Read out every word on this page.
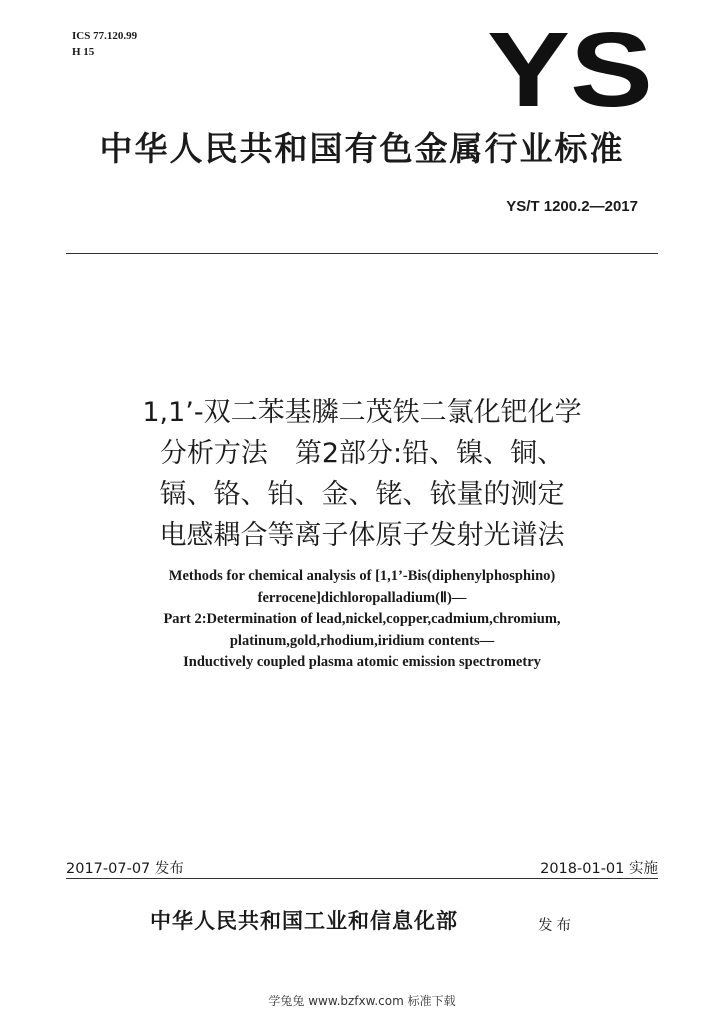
ICS 77.120.99
H 15	YS
中华人民共和国有色金属行业标准
YS/T 1200.2—2017
1,1’-双二苯基膦二茂铁二氯化钯化学
分析方法　第2部分:铅、镍、铜、
镉、铬、铂、金、铑、铱量的测定
电感耦合等离子体原子发射光谱法
Methods for chemical analysis of [1,1’-Bis(diphenylphosphino)
ferrocene]dichloropalladium(Ⅱ)—
Part 2:Determination of lead,nickel,copper,cadmium,chromium,
platinum,gold,rhodium,iridium contents—
Inductively coupled plasma atomic emission spectrometry
2017-07-07 发布	2018-01-01 实施
中华人民共和国工业和信息化部	发布
学兔兔 www.bzfxw.com 标准下载
